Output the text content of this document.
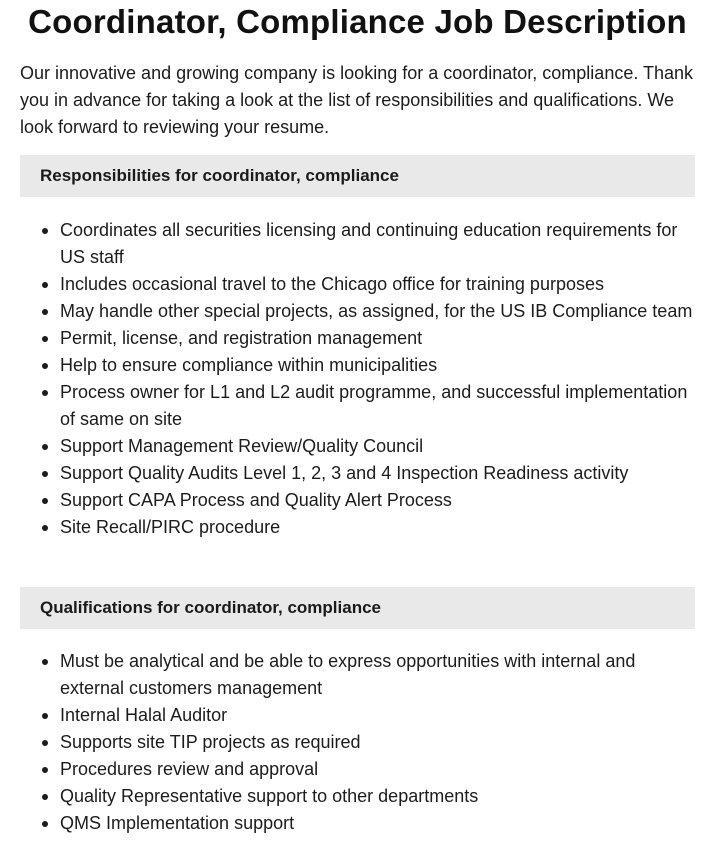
Coordinator, Compliance Job Description

Our innovative and growing company is looking for a coordinator, compliance. Thank you in advance for taking a look at the list of responsibilities and qualifications. We look forward to reviewing your resume.

Responsibilities for coordinator, compliance
Coordinates all securities licensing and continuing education requirements for US staff
Includes occasional travel to the Chicago office for training purposes
May handle other special projects, as assigned, for the US IB Compliance team
Permit, license, and registration management
Help to ensure compliance within municipalities
Process owner for L1 and L2 audit programme, and successful implementation of same on site
Support Management Review/Quality Council
Support Quality Audits Level 1, 2, 3 and 4 Inspection Readiness activity
Support CAPA Process and Quality Alert Process
Site Recall/PIRC procedure
Qualifications for coordinator, compliance
Must be analytical and be able to express opportunities with internal and external customers management
Internal Halal Auditor
Supports site TIP projects as required
Procedures review and approval
Quality Representative support to other departments
QMS Implementation support
